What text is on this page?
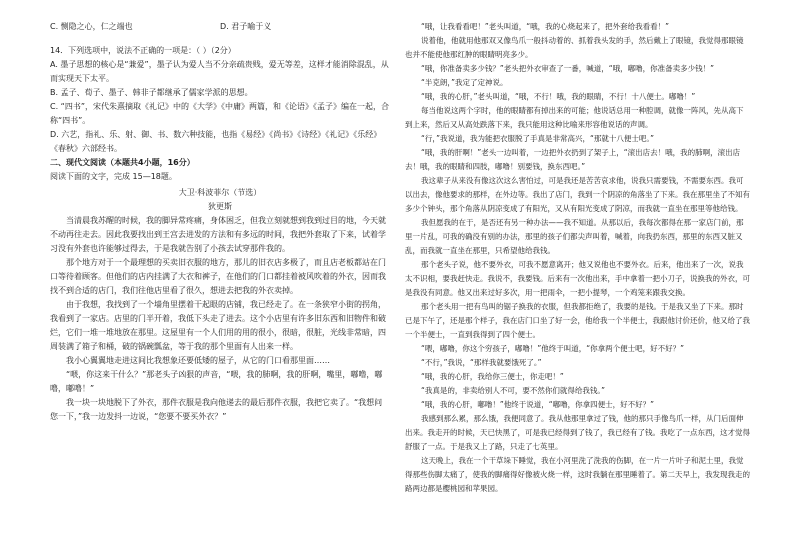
C. 恻隐之心，仁之端也	D. 君子喻于义

14．下列选项中，说法不正确的一项是：（ ）（2分）

A. 墨子思想的核心是“兼爱”，墨子认为爱人当不分亲疏贵贱，爱无等差，这样才能消除混乱，从而实现天下太平。

B. 孟子、荀子、墨子、韩非子都继承了儒家学派的思想。

C. “四书”，宋代朱熹摘取《礼记》中的《大学》《中庸》两篇，和《论语》《孟子》编在一起，合称“四书”。

D. 六艺，指礼、乐、射、御、书、数六种技能，也指《易经》《尚书》《诗经》《礼记》《乐经》《春秋》六部经书。

二、现代文阅读（本题共4小题，16分）

阅读下面的文字，完成 15—18题。

大卫·科波菲尔（节选）

狄更斯

当清晨我苏醒的时候，我的脚异常疼痛，身体困乏，但我立刻就想到我到过目的地，今天就不动再往走去。因此我要找出到王宫去进发的方法和有多远的时间，我把外套取了下来，试着学习没有外套也许能够过得去，于是我就告别了小孩去试穿那件我的。

那个地方对于一个最理想的买卖旧衣服的地方，那儿的旧衣店多极了，而且店老板都站在门口等待着顾客。但他们的店内挂满了大衣和裤子，在他们的门口都挂着被风吹着的外衣，因而我找不到合适的店门，我们往他店里看了很久，想进去把我的外衣卖掉。

由于我想，我找到了一个墙角里摆着干起眼的店铺，我已经走了。在一条狭窄小街的拐角，我看到了一家店。店里的门半开着，我低下头走了进去。这个小店里有许多旧东西和旧物件和破烂，它们一堆一堆地放在那里。这屋里有一个人们用的用的很小，很暗，很脏，光线非常暗，四周装满了箱子和桶，破的锅碗瓢盆，等于我的那个里面有人出来一样。

我小心翼翼地走进这间比我想象还要低矮的屋子，从它的门口看那里面……

“喂，你这来干什么？”那老头子凶狠的声音，“喂，我的肺啊，我的肝啊，嘴里，嘟噜，嘟噜，嘟噜！”

我一块一块地脱下了外衣，那件衣服是我向他递去的最后那件衣服，我把它卖了。“我想问您一下，”我一边发抖一边说，“您要不要买外衣？”

“哦，让我看看吧！”老头叫道，“哦，我的心烧起来了，把外套给我看看！”

说着他，他就用他那双又像鸟爪一般抖动着的、抓着我头发的手，然后戴上了眼镜，我觉得那眼镜也并不能使他那红肿的眼睛明亮多少。

“哦，你准备卖多少钱？”老头把外衣审查了一番，喊道，“哦，嘟噜，你准备卖多少钱！”

“半克朗，”我定了定神说。

“哦，我的心肝，”老头叫道，“哦，不行！哦，我的眼睛，不行！十八便士。嘟噜！”

每当他说这两个字时，他的眼睛都有掉出来的可能；他说话总用一种腔调，就像一阵风，先从高下到上来，然后又从高处跌落下来，我只能用这种比喻来形容他说话的声调。

“行，”我说道，我为能把衣服脱了手真是非常高兴，“那就十八便士吧。”

“哦，我的肝啊！”老头一边叫着，一边把外衣扔到了架子上，“滚出店去！哦，我的肺啊，滚出店去！哦，我的眼睛和四肢，嘟噜！别要钱，换东西吧。”

我这辈子从来没有像这次这么害怕过，可是我还是苦苦哀求他，说我只需要钱，不需要东西。我可以出去，像他要求的那样，在外边等。我出了店门，我到一个阴凉的角落坐了下来。我在那里坐了不知有多少个钟头，那个角落从阴凉变成了有阳光，又从有阳光变成了阴凉，而我就一直坐在那里等他给钱。

我但愿我的在于，是否还有另一种办法——我不知道。从那以后，我每次都得在那一家店门前，那里一片乱，可我的确没有别的办法，那里的孩子们都尖声叫着，喊着，向我扔东西，那里的东西又脏又乱，而我就一直坐在那里，只希望他给我钱。

那个老头子说，他不要外衣，可我不愿意离开；他又说他也不要外衣。后来，他出来了一次，说我太不识相，要我赶快走。我说不，我要钱。后来有一次他出来，手中拿着一把小刀子，说换我的外衣，可是我没有同意。他又出来过好多次，用一把雨伞，一把小提琴，一个鸡笼来跟我交换。

那个老头用一把有鸟叫的锯子换我的衣服，但我都拒绝了，我要的是钱。于是我又坐了下来。那时已是下午了，还是那个样子，我在店门口坐了好一会，他给我一个半便士，我跟他讨价还价，他又给了我一个半便士，一直到我得到了四个便士。

“喂，嘟噜，你这个穷孩子，嘟噜！”他终于叫道，“你拿两个便士吧，好不好？”

“不行，”我说，“那样我就要饿死了。”

“哦，我的心肝，我给你三便士，你走吧！”

“我真是的，非卖给别人不可，要不然你们就得给我钱。”

“哦，我的心肝，嘟噜！”他终于说道，“嘟噜，你拿四便士，好不好？”

我感到那么累，那么饿，我便同意了。我从他那里拿过了钱，他的那只手像鸟爪一样，从门后面伸出来。我走开的时候，天已快黑了，可是我已经得到了钱了，我已经有了钱。我吃了一点东西，这才觉得舒服了一点。于是我又上了路，只走了七英里。

这天晚上，我在一个干草垛下睡觉，我在小河里洗了洗我的伤脚，在一片一片叶子和泥土里，我觉得那些伤脚太痛了，使我的脚痛得好像被火烧一样，这时我躺在那里睡着了。第二天早上，我发现我走的路两边都是樱桃园和苹果园。
